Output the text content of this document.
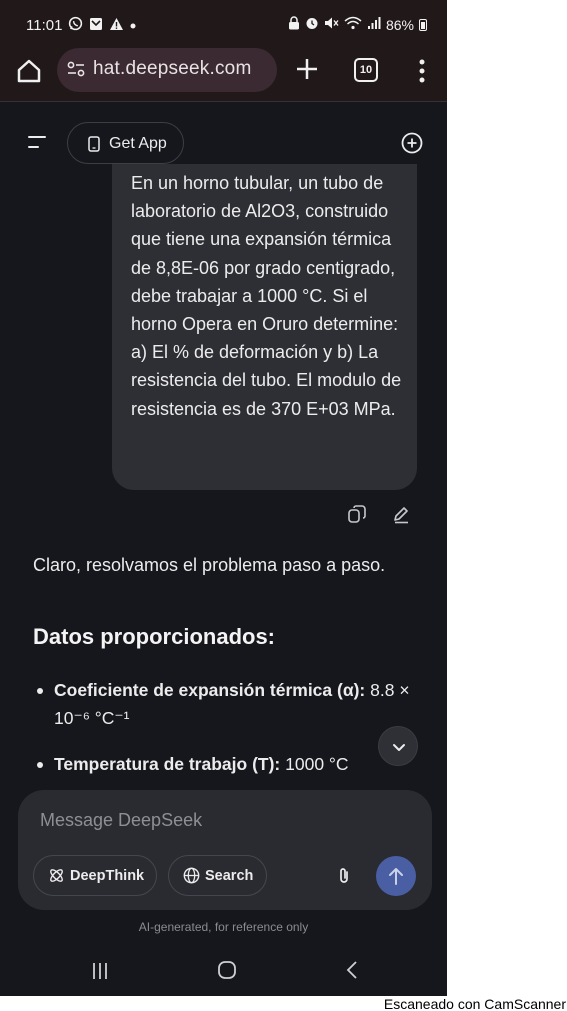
11:01	86%
hat.deepseek.com	10
Get App

En un horno tubular, un tubo de laboratorio de Al2O3, construido que tiene una expansión térmica de 8,8E-06 por grado centigrado, debe trabajar a 1000 °C. Si el horno Opera en Oruro determine: a) El % de deformación y b) La resistencia del tubo. El modulo de resistencia es de 370 E+03 MPa.

Claro, resolvamos el problema paso a paso.

Datos proporcionados:
Coeficiente de expansión térmica (α): 8.8 × 10⁻⁶ °C⁻¹
Temperatura de trabajo (T): 1000 °C
Message DeepSeek
DeepThink	Search

AI-generated, for reference only

Escaneado con CamScanner
